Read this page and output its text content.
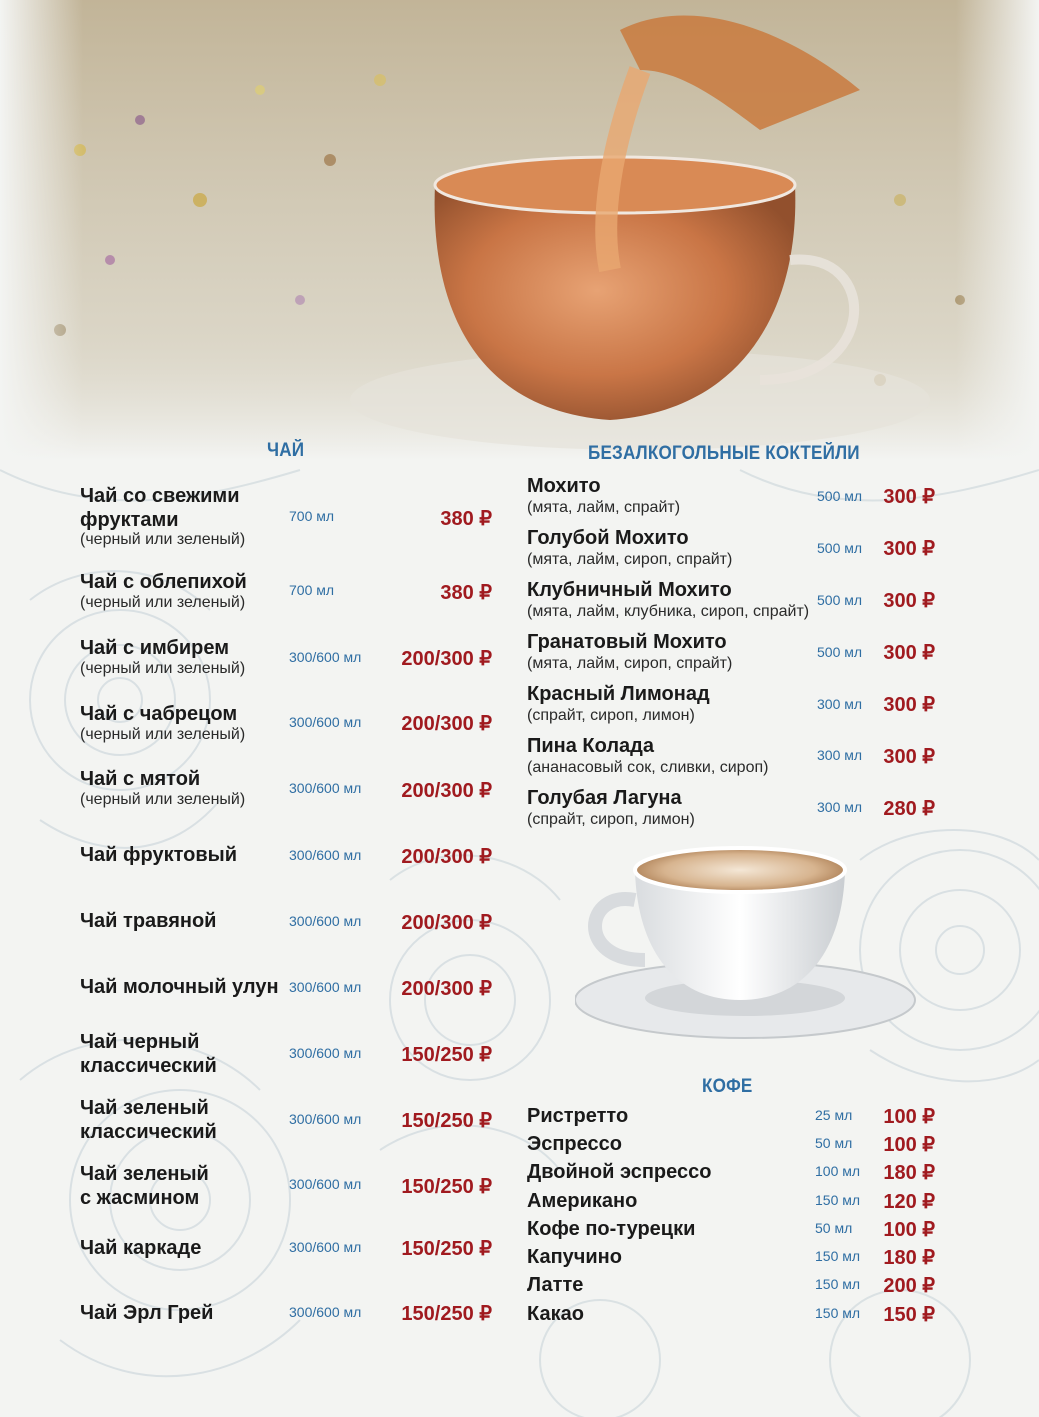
ЧАЙ	БЕЗАЛКОГОЛЬНЫЕ КОКТЕЙЛИ
КОФЕ
Чай со свежими
фруктами
(черный или зеленый)
700 мл	380 ₽
Чай с облепихой
(черный или зеленый)
700 мл	380 ₽
Чай с имбирем
(черный или зеленый)
300/600 мл 200/300 ₽
Чай с чабрецом
(черный или зеленый)
300/600 мл 200/300 ₽
Чай с мятой
(черный или зеленый)
300/600 мл 200/300 ₽
Чай фруктовый	300/600 мл 200/300 ₽
Чай травяной	300/600 мл 200/300 ₽
Чай молочный улун 300/600 мл 200/300 ₽
Чай черный
классический
300/600 мл 150/250 ₽
Чай зеленый
классический
300/600 мл 150/250 ₽
Чай зеленый
с жасмином
300/600 мл 150/250 ₽
Чай каркаде	300/600 мл 150/250 ₽
Чай Эрл Грей	300/600 мл 150/250 ₽
Мохито
(мята, лайм, спрайт)
500 мл 300 ₽
Голубой Мохито
(мята, лайм, сироп, спрайт)
500 мл 300 ₽
Клубничный Мохито
(мята, лайм, клубника, сироп, спрайт)
500 мл 300 ₽
Гранатовый Мохито
(мята, лайм, сироп, спрайт)
500 мл 300 ₽
Красный Лимонад
(спрайт, сироп, лимон)
300 мл 300 ₽
Пина Колада
(ананасовый сок, сливки, сироп)
300 мл 300 ₽
Голубая Лагуна
(спрайт, сироп, лимон)
300 мл 280 ₽
Ристретто	25 мл 100 ₽
Эспрессо	50 мл 100 ₽
Двойной эспрессо	100 мл 180 ₽
Американо	150 мл 120 ₽
Кофе по-турецки	50 мл 100 ₽
Капучино	150 мл 180 ₽
Латте	150 мл 200 ₽
Какао	150 мл 150 ₽
